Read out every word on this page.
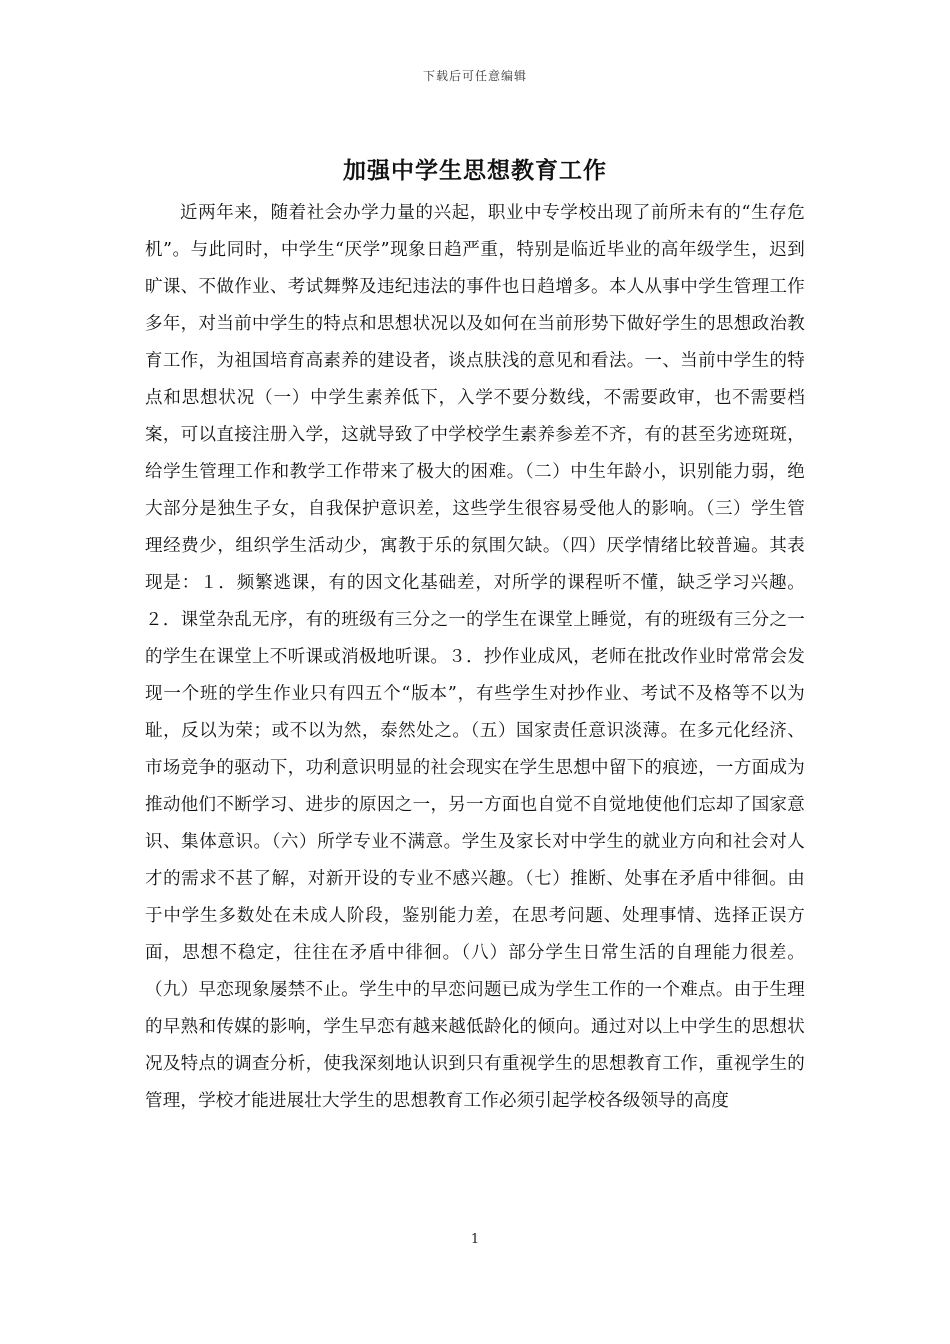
下载后可任意编辑
加强中学生思想教育工作

近两年来，随着社会办学力量的兴起，职业中专学校出现了前所未有的“生存危机”。与此同时，中学生“厌学”现象日趋严重，特别是临近毕业的高年级学生，迟到旷课、不做作业、考试舞弊及违纪违法的事件也日趋增多。本人从事中学生管理工作多年，对当前中学生的特点和思想状况以及如何在当前形势下做好学生的思想政治教育工作，为祖国培育高素养的建设者，谈点肤浅的意见和看法。一、当前中学生的特点和思想状况（一）中学生素养低下，入学不要分数线，不需要政审，也不需要档案，可以直接注册入学，这就导致了中学校学生素养参差不齐，有的甚至劣迹斑斑，给学生管理工作和教学工作带来了极大的困难。（二）中生年龄小，识别能力弱，绝大部分是独生子女，自我保护意识差，这些学生很容易受他人的影响。（三）学生管理经费少，组织学生活动少，寓教于乐的氛围欠缺。（四）厌学情绪比较普遍。其表现是：１．频繁逃课，有的因文化基础差，对所学的课程听不懂，缺乏学习兴趣。２．课堂杂乱无序，有的班级有三分之一的学生在课堂上睡觉，有的班级有三分之一的学生在课堂上不听课或消极地听课。３．抄作业成风，老师在批改作业时常常会发现一个班的学生作业只有四五个“版本”，有些学生对抄作业、考试不及格等不以为耻，反以为荣；或不以为然，泰然处之。（五）国家责任意识淡薄。在多元化经济、市场竞争的驱动下，功利意识明显的社会现实在学生思想中留下的痕迹，一方面成为推动他们不断学习、进步的原因之一，另一方面也自觉不自觉地使他们忘却了国家意识、集体意识。（六）所学专业不满意。学生及家长对中学生的就业方向和社会对人才的需求不甚了解，对新开设的专业不感兴趣。（七）推断、处事在矛盾中徘徊。由于中学生多数处在未成人阶段，鉴别能力差，在思考问题、处理事情、选择正误方面，思想不稳定，往往在矛盾中徘徊。（八）部分学生日常生活的自理能力很差。（九）早恋现象屡禁不止。学生中的早恋问题已成为学生工作的一个难点。由于生理的早熟和传媒的影响，学生早恋有越来越低龄化的倾向。通过对以上中学生的思想状况及特点的调查分析，使我深刻地认识到只有重视学生的思想教育工作，重视学生的管理，学校才能进展壮大学生的思想教育工作必须引起学校各级领导的高度

1
